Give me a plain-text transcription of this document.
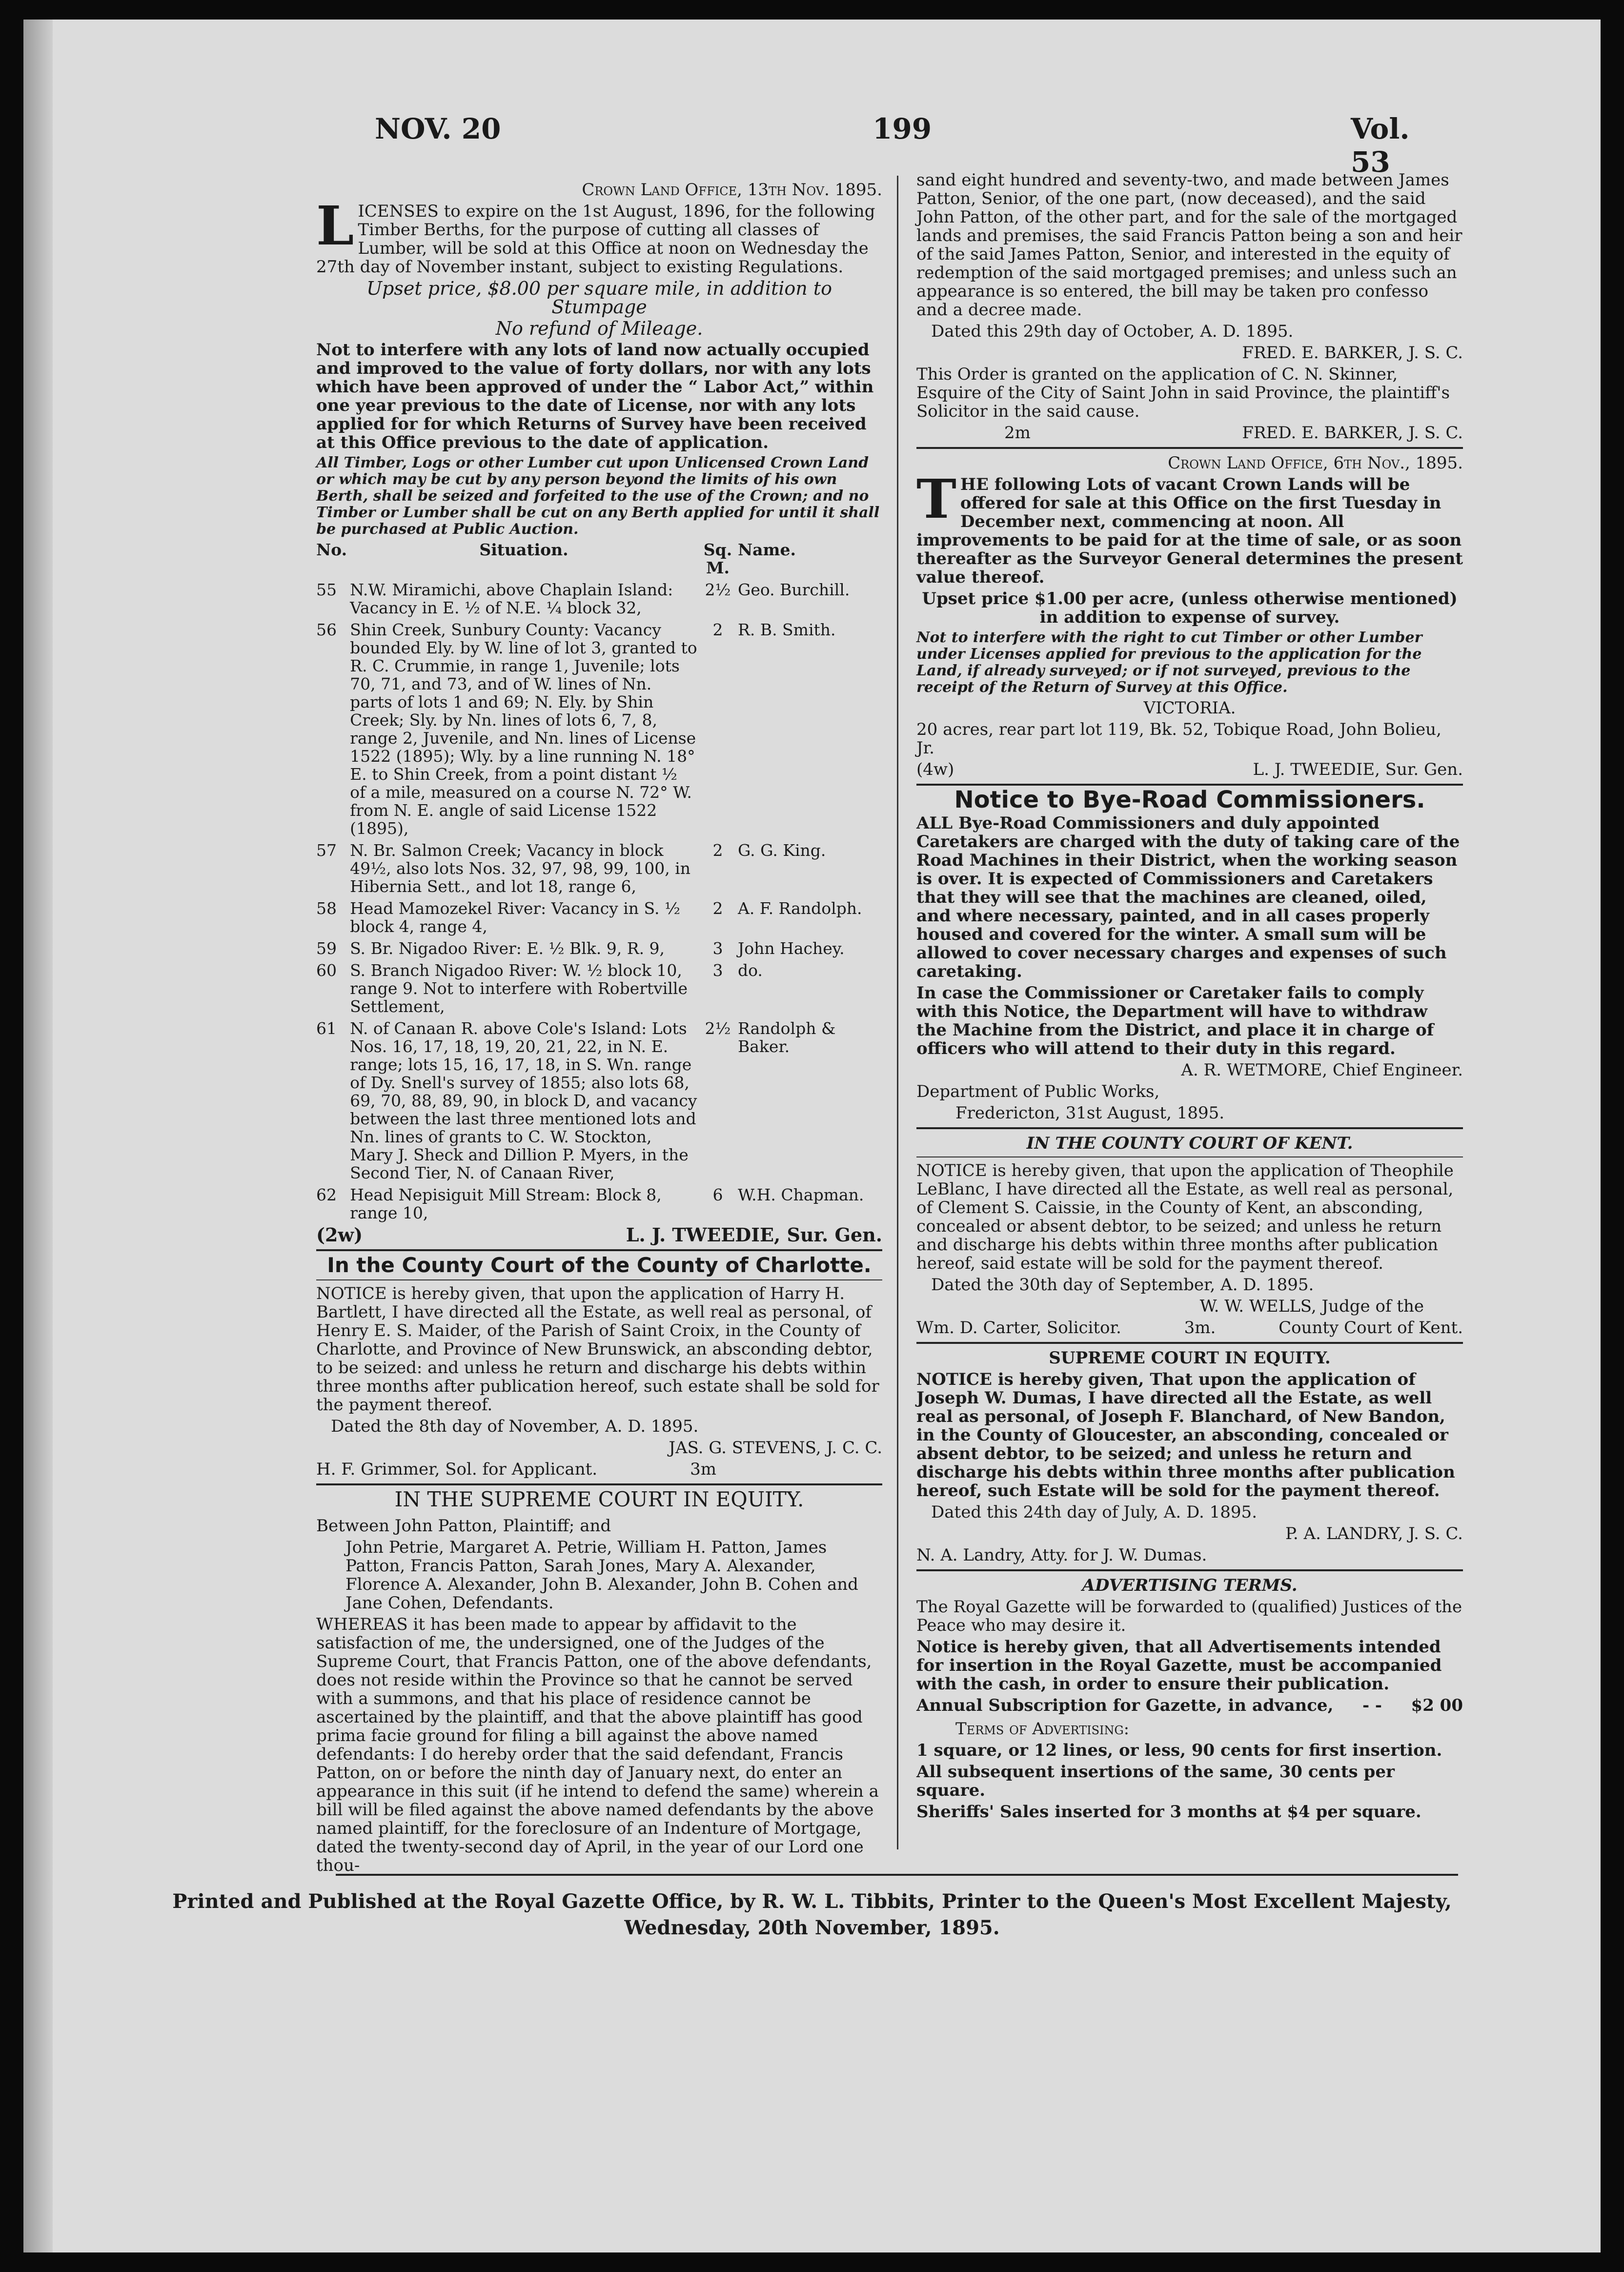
NOV. 20	199	Vol. 53

Crown Land Office, 13th Nov. 1895.

LICENSES to expire on the 1st August, 1896, for the following Timber Berths, for the purpose of cutting all classes of Lumber, will be sold at this Office at noon on Wednesday the 27th day of November instant, subject to existing Regulations.

Upset price, $8.00 per square mile, in addition to Stumpage

No refund of Mileage.

Not to interfere with any lots of land now actually occupied and improved to the value of forty dollars, nor with any lots which have been approved of under the “ Labor Act,” within one year previous to the date of License, nor with any lots applied for for which Returns of Survey have been received at this Office previous to the date of application.

All Timber, Logs or other Lumber cut upon Unlicensed Crown Land or which may be cut by any person beyond the limits of his own Berth, shall be seized and forfeited to the use of the Crown; and no Timber or Lumber shall be cut on any Berth applied for until it shall be purchased at Public Auction.

No.	Situation.	Sq. M.	Name.
55	N.W. Miramichi, above Chaplain Island: Vacancy in E. ½ of N.E. ¼ block 32,	2½	Geo. Burchill.
56	Shin Creek, Sunbury County: Vacancy bounded Ely. by W. line of lot 3, granted to R. C. Crummie, in range 1, Juvenile; lots 70, 71, and 73, and of W. lines of Nn. parts of lots 1 and 69; N. Ely. by Shin Creek; Sly. by Nn. lines of lots 6, 7, 8, range 2, Juvenile, and Nn. lines of License 1522 (1895); Wly. by a line running N. 18° E. to Shin Creek, from a point distant ½ of a mile, measured on a course N. 72° W. from N. E. angle of said License 1522 (1895),	2	R. B. Smith.
57	N. Br. Salmon Creek; Vacancy in block 49½, also lots Nos. 32, 97, 98, 99, 100, in Hibernia Sett., and lot 18, range 6,	2	G. G. King.
58	Head Mamozekel River: Vacancy in S. ½ block 4, range 4,	2	A. F. Randolph.
59	S. Br. Nigadoo River: E. ½ Blk. 9, R. 9,	3	John Hachey.
60	S. Branch Nigadoo River: W. ½ block 10, range 9. Not to interfere with Robertville Settlement,	3	do.
61	N. of Canaan R. above Cole's Island: Lots Nos. 16, 17, 18, 19, 20, 21, 22, in N. E. range; lots 15, 16, 17, 18, in S. Wn. range of Dy. Snell's survey of 1855; also lots 68, 69, 70, 88, 89, 90, in block D, and vacancy between the last three mentioned lots and Nn. lines of grants to C. W. Stockton, Mary J. Sheck and Dillion P. Myers, in the Second Tier, N. of Canaan River,	2½	Randolph & Baker.
62	Head Nepisiguit Mill Stream: Block 8, range 10,	6	W.H. Chapman.
(2w)	L. J. TWEEDIE, Sur. Gen.
In the County Court of the County of Charlotte.

NOTICE is hereby given, that upon the application of Harry H. Bartlett, I have directed all the Estate, as well real as personal, of Henry E. S. Maider, of the Parish of Saint Croix, in the County of Charlotte, and Province of New Brunswick, an absconding debtor, to be seized: and unless he return and discharge his debts within three months after publication hereof, such estate shall be sold for the payment thereof.

Dated the 8th day of November, A. D. 1895.

JAS. G. STEVENS, J. C. C.

H. F. Grimmer, Sol. for Applicant.	3m

IN THE SUPREME COURT IN EQUITY.

Between John Patton, Plaintiff; and

John Petrie, Margaret A. Petrie, William H. Patton, James Patton, Francis Patton, Sarah Jones, Mary A. Alexander, Florence A. Alexander, John B. Alexander, John B. Cohen and Jane Cohen, Defendants.

WHEREAS it has been made to appear by affidavit to the satisfaction of me, the undersigned, one of the Judges of the Supreme Court, that Francis Patton, one of the above defendants, does not reside within the Province so that he cannot be served with a summons, and that his place of residence cannot be ascertained by the plaintiff, and that the above plaintiff has good prima facie ground for filing a bill against the above named defendants: I do hereby order that the said defendant, Francis Patton, on or before the ninth day of January next, do enter an appearance in this suit (if he intend to defend the same) wherein a bill will be filed against the above named defendants by the above named plaintiff, for the foreclosure of an Indenture of Mortgage, dated the twenty-second day of April, in the year of our Lord one thou-

sand eight hundred and seventy-two, and made between James Patton, Senior, of the one part, (now deceased), and the said John Patton, of the other part, and for the sale of the mortgaged lands and premises, the said Francis Patton being a son and heir of the said James Patton, Senior, and interested in the equity of redemption of the said mortgaged premises; and unless such an appearance is so entered, the bill may be taken pro confesso and a decree made.

Dated this 29th day of October, A. D. 1895.

FRED. E. BARKER, J. S. C.

This Order is granted on the application of C. N. Skinner, Esquire of the City of Saint John in said Province, the plaintiff's Solicitor in the said cause.

2m	FRED. E. BARKER, J. S. C.

Crown Land Office, 6th Nov., 1895.

THE following Lots of vacant Crown Lands will be offered for sale at this Office on the first Tuesday in December next, commencing at noon. All improvements to be paid for at the time of sale, or as soon thereafter as the Surveyor General determines the present value thereof.

Upset price $1.00 per acre, (unless otherwise mentioned) in addition to expense of survey.

Not to interfere with the right to cut Timber or other Lumber under Licenses applied for previous to the application for the Land, if already surveyed; or if not surveyed, previous to the receipt of the Return of Survey at this Office.

VICTORIA.

20 acres, rear part lot 119, Bk. 52, Tobique Road, John Bolieu, Jr.

(4w)	L. J. TWEEDIE, Sur. Gen.
Notice to Bye-Road Commissioners.

ALL Bye-Road Commissioners and duly appointed Caretakers are charged with the duty of taking care of the Road Machines in their District, when the working season is over. It is expected of Commissioners and Caretakers that they will see that the machines are cleaned, oiled, and where necessary, painted, and in all cases properly housed and covered for the winter. A small sum will be allowed to cover necessary charges and expenses of such caretaking.

In case the Commissioner or Caretaker fails to comply with this Notice, the Department will have to withdraw the Machine from the District, and place it in charge of officers who will attend to their duty in this regard.

A. R. WETMORE, Chief Engineer.

Department of Public Works,

Fredericton, 31st August, 1895.

IN THE COUNTY COURT OF KENT.

NOTICE is hereby given, that upon the application of Theophile LeBlanc, I have directed all the Estate, as well real as personal, of Clement S. Caissie, in the County of Kent, an absconding, concealed or absent debtor, to be seized; and unless he return and discharge his debts within three months after publication hereof, said estate will be sold for the payment thereof.

Dated the 30th day of September, A. D. 1895.

W. W. WELLS, Judge of the

Wm. D. Carter, Solicitor.	3m.	County Court of Kent.

SUPREME COURT IN EQUITY.

NOTICE is hereby given, That upon the application of Joseph W. Dumas, I have directed all the Estate, as well real as personal, of Joseph F. Blanchard, of New Bandon, in the County of Gloucester, an absconding, concealed or absent debtor, to be seized; and unless he return and discharge his debts within three months after publication hereof, such Estate will be sold for the payment thereof.

Dated this 24th day of July, A. D. 1895.

P. A. LANDRY, J. S. C.

N. A. Landry, Atty. for J. W. Dumas.

ADVERTISING TERMS.

The Royal Gazette will be forwarded to (qualified) Justices of the Peace who may desire it.

Notice is hereby given, that all Advertisements intended for insertion in the Royal Gazette, must be accompanied with the cash, in order to ensure their publication.

Annual Subscription for Gazette, in advance, - - $2 00

Terms of Advertising:

1 square, or 12 lines, or less, 90 cents for first insertion.

All subsequent insertions of the same, 30 cents per square.

Sheriffs' Sales inserted for 3 months at $4 per square.

Printed and Published at the Royal Gazette Office, by R. W. L. Tibbits, Printer to the Queen's Most Excellent Majesty,
Wednesday, 20th November, 1895.
